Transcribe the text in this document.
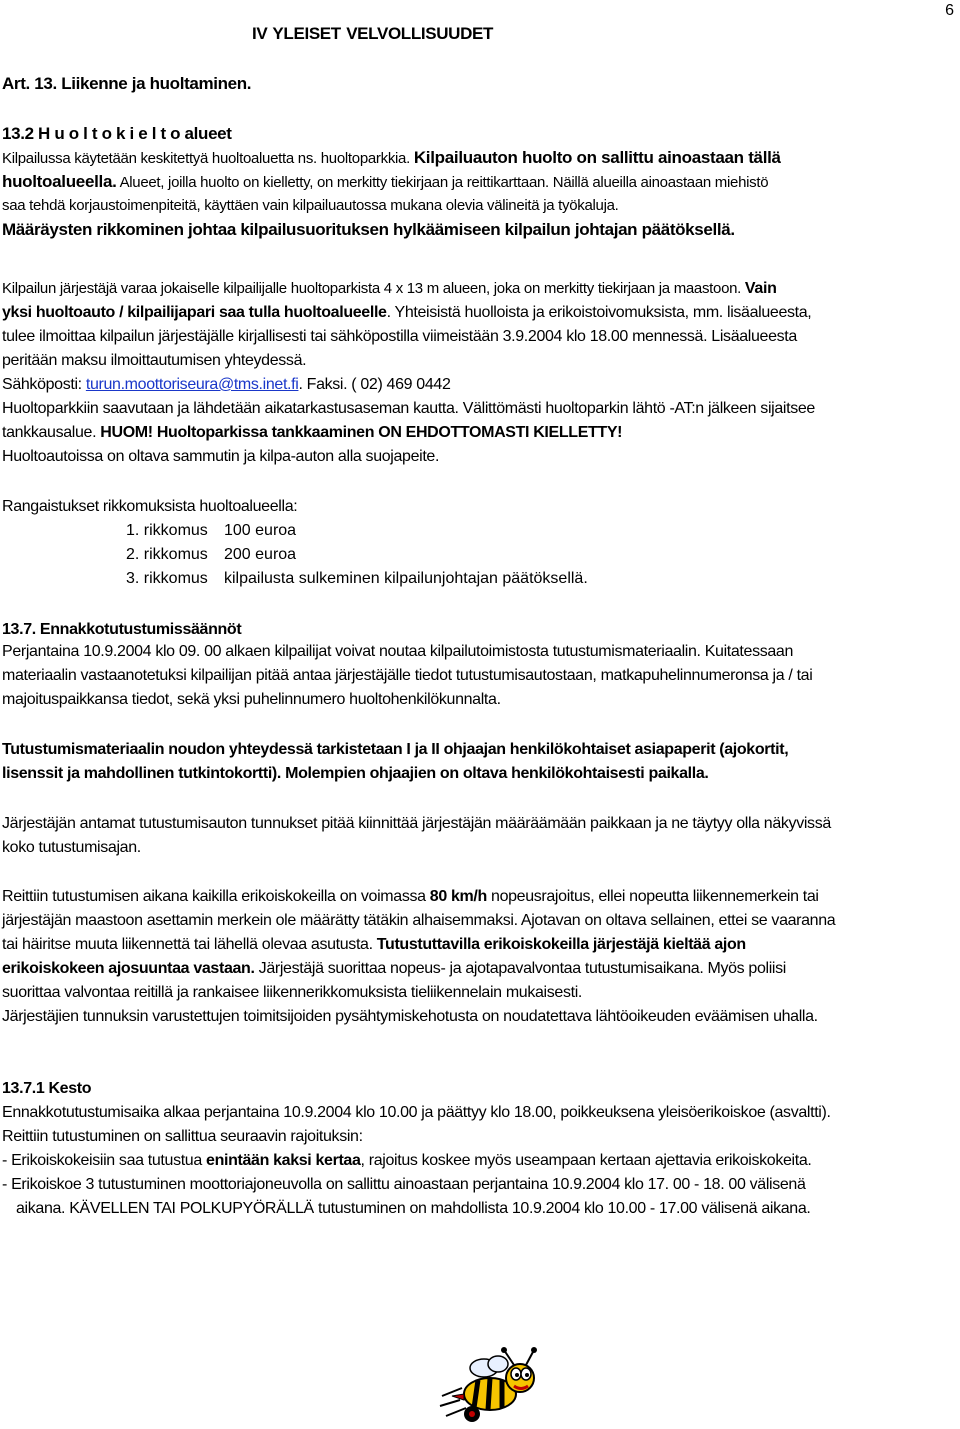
6
IV YLEISET VELVOLLISUUDET
Art. 13. Liikenne ja huoltaminen.
13.2 H u o l t o k i e l t o alueet
Kilpailussa käytetään keskitettyä huoltoaluetta ns. huoltoparkkia. Kilpailuauton huolto on sallittu ainoastaan tällä
huoltoalueella. Alueet, joilla huolto on kielletty, on merkitty tiekirjaan ja reittikarttaan. Näillä alueilla ainoastaan miehistö
saa tehdä korjaustoimenpiteitä, käyttäen vain kilpailuautossa mukana olevia välineitä ja työkaluja.
Määräysten rikkominen johtaa kilpailusuorituksen hylkäämiseen kilpailun johtajan päätöksellä.
Kilpailun järjestäjä varaa jokaiselle kilpailijalle huoltoparkista 4 x 13 m alueen, joka on merkitty tiekirjaan ja maastoon. Vain
yksi huoltoauto / kilpailijapari saa tulla huoltoalueelle. Yhteisistä huolloista ja erikoistoivomuksista, mm. lisäalueesta,
tulee ilmoittaa kilpailun järjestäjälle kirjallisesti tai sähköpostilla viimeistään 3.9.2004 klo 18.00 mennessä. Lisäalueesta
peritään maksu ilmoittautumisen yhteydessä.
Sähköposti: turun.moottoriseura@tms.inet.fi. Faksi. ( 02) 469 0442
Huoltoparkkiin saavutaan ja lähdetään aikatarkastusaseman kautta. Välittömästi huoltoparkin lähtö -AT:n jälkeen sijaitsee
tankkausalue. HUOM! Huoltoparkissa tankkaaminen ON EHDOTTOMASTI KIELLETTY!
Huoltoautoissa on oltava sammutin ja kilpa-auton alla suojapeite.
Rangaistukset rikkomuksista huoltoalueella:
1. rikkomus 100 euroa
2. rikkomus 200 euroa
3. rikkomus kilpailusta sulkeminen kilpailunjohtajan päätöksellä.
13.7. Ennakkotutustumissäännöt
Perjantaina 10.9.2004 klo 09. 00 alkaen kilpailijat voivat noutaa kilpailutoimistosta tutustumismateriaalin. Kuitatessaan
materiaalin vastaanotetuksi kilpailijan pitää antaa järjestäjälle tiedot tutustumisautostaan, matkapuhelinnumeronsa ja / tai
majoituspaikkansa tiedot, sekä yksi puhelinnumero huoltohenkilökunnalta.
Tutustumismateriaalin noudon yhteydessä tarkistetaan I ja II ohjaajan henkilökohtaiset asiapaperit (ajokortit,
lisenssit ja mahdollinen tutkintokortti). Molempien ohjaajien on oltava henkilökohtaisesti paikalla.
Järjestäjän antamat tutustumisauton tunnukset pitää kiinnittää järjestäjän määräämään paikkaan ja ne täytyy olla näkyvissä
koko tutustumisajan.
Reittiin tutustumisen aikana kaikilla erikoiskokeilla on voimassa 80 km/h nopeusrajoitus, ellei nopeutta liikennemerkein tai
järjestäjän maastoon asettamin merkein ole määrätty tätäkin alhaisemmaksi. Ajotavan on oltava sellainen, ettei se vaaranna
tai häiritse muuta liikennettä tai lähellä olevaa asutusta. Tutustuttavilla erikoiskokeilla järjestäjä kieltää ajon
erikoiskokeen ajosuuntaa vastaan. Järjestäjä suorittaa nopeus- ja ajotapavalvontaa tutustumisaikana. Myös poliisi
suorittaa valvontaa reitillä ja rankaisee liikennerikkomuksista tieliikennelain mukaisesti.
Järjestäjien tunnuksin varustettujen toimitsijoiden pysähtymiskehotusta on noudatettava lähtöoikeuden eväämisen uhalla.
13.7.1 Kesto
Ennakkotutustumisaika alkaa perjantaina 10.9.2004 klo 10.00 ja päättyy klo 18.00, poikkeuksena yleisöerikoiskoe (asvaltti).
Reittiin tutustuminen on sallittua seuraavin rajoituksin:
- Erikoiskokeisiin saa tutustua enintään kaksi kertaa, rajoitus koskee myös useampaan kertaan ajettavia erikoiskokeita.
- Erikoiskoe 3 tutustuminen moottoriajoneuvolla on sallittu ainoastaan perjantaina 10.9.2004 klo 17. 00 - 18. 00 välisenä
aikana. KÄVELLEN TAI POLKUPYÖRÄLLÄ tutustuminen on mahdollista 10.9.2004 klo 10.00 - 17.00 välisenä aikana.
